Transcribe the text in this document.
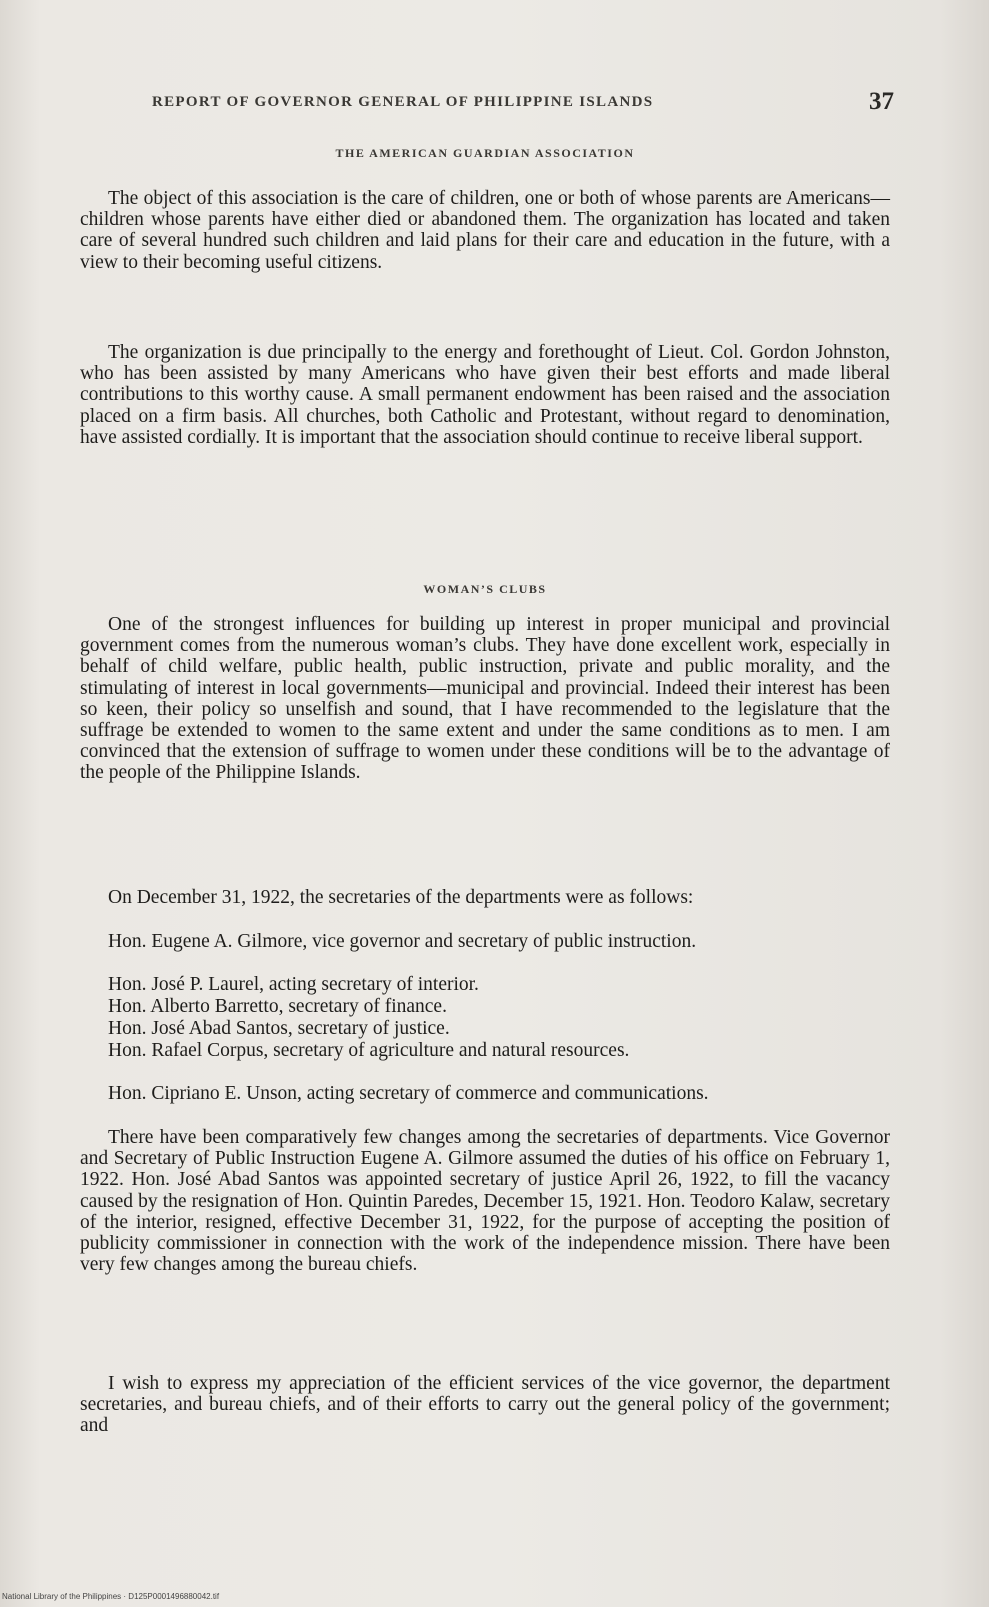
REPORT OF GOVERNOR GENERAL OF PHILIPPINE ISLANDS	37
THE AMERICAN GUARDIAN ASSOCIATION

The object of this association is the care of children, one or both of whose parents are Americans—children whose parents have either died or abandoned them. The organization has located and taken care of several hundred such children and laid plans for their care and education in the future, with a view to their becoming useful citizens.

The organization is due principally to the energy and forethought of Lieut. Col. Gordon Johnston, who has been assisted by many Americans who have given their best efforts and made liberal contributions to this worthy cause. A small permanent endowment has been raised and the association placed on a firm basis. All churches, both Catholic and Protestant, without regard to denomination, have assisted cordially. It is important that the association should continue to receive liberal support.

WOMAN’S CLUBS

One of the strongest influences for building up interest in proper municipal and provincial government comes from the numerous woman’s clubs. They have done excellent work, especially in behalf of child welfare, public health, public instruction, private and public morality, and the stimulating of interest in local governments—municipal and provincial. Indeed their interest has been so keen, their policy so unselfish and sound, that I have recommended to the legislature that the suffrage be extended to women to the same extent and under the same conditions as to men. I am convinced that the extension of suffrage to women under these conditions will be to the advantage of the people of the Philippine Islands.

On December 31, 1922, the secretaries of the departments were as follows:

Hon. Eugene A. Gilmore, vice governor and secretary of public instruction.

Hon. José P. Laurel, acting secretary of interior.

Hon. Alberto Barretto, secretary of finance.

Hon. José Abad Santos, secretary of justice.

Hon. Rafael Corpus, secretary of agriculture and natural resources.

Hon. Cipriano E. Unson, acting secretary of commerce and communications.

There have been comparatively few changes among the secretaries of departments. Vice Governor and Secretary of Public Instruction Eugene A. Gilmore assumed the duties of his office on February 1, 1922. Hon. José Abad Santos was appointed secretary of justice April 26, 1922, to fill the vacancy caused by the resignation of Hon. Quintin Paredes, December 15, 1921. Hon. Teodoro Kalaw, secretary of the interior, resigned, effective December 31, 1922, for the purpose of accepting the position of publicity commissioner in connection with the work of the independence mission. There have been very few changes among the bureau chiefs.

I wish to express my appreciation of the efficient services of the vice governor, the department secretaries, and bureau chiefs, and of their efforts to carry out the general policy of the government; and

National Library of the Philippines · D125P0001496880042.tif
